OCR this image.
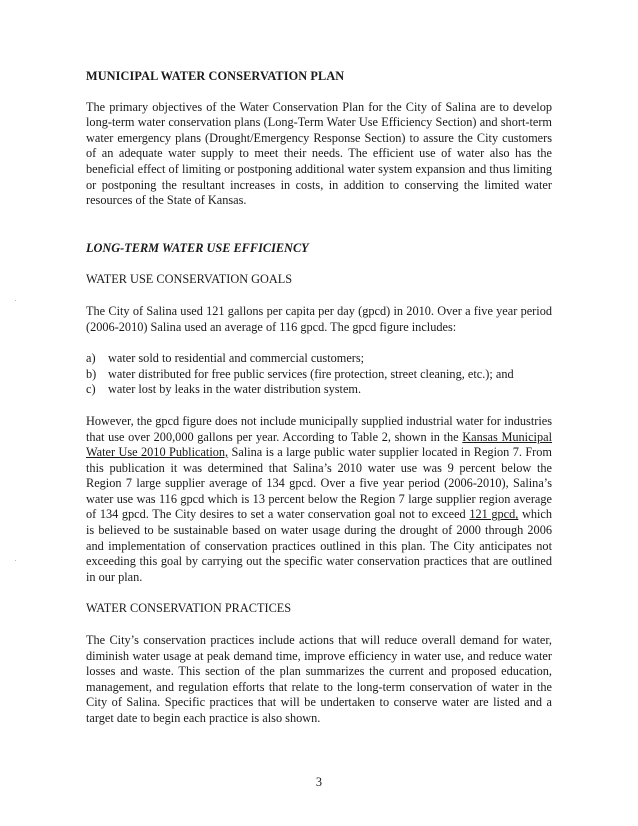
MUNICIPAL WATER CONSERVATION PLAN

The primary objectives of the Water Conservation Plan for the City of Salina are to develop long-term water conservation plans (Long-Term Water Use Efficiency Section) and short-term water emergency plans (Drought/Emergency Response Section) to assure the City customers of an adequate water supply to meet their needs. The efficient use of water also has the beneficial effect of limiting or postponing additional water system expansion and thus limiting or postponing the resultant increases in costs, in addition to conserving the limited water resources of the State of Kansas.

LONG-TERM WATER USE EFFICIENCY
WATER USE CONSERVATION GOALS

The City of Salina used 121 gallons per capita per day (gpcd) in 2010. Over a five year period (2006-2010) Salina used an average of 116 gpcd. The gpcd figure includes:

a)	water sold to residential and commercial customers;
b) water distributed for free public services (fire protection, street cleaning, etc.); and
c)	water lost by leaks in the water distribution system.

However, the gpcd figure does not include municipally supplied industrial water for industries that use over 200,000 gallons per year. According to Table 2, shown in the Kansas Municipal Water Use 2010 Publication, Salina is a large public water supplier located in Region 7. From this publication it was determined that Salina’s 2010 water use was 9 percent below the Region 7 large supplier average of 134 gpcd. Over a five year period (2006-2010), Salina’s water use was 116 gpcd which is 13 percent below the Region 7 large supplier region average of 134 gpcd. The City desires to set a water conservation goal not to exceed 121 gpcd, which is believed to be sustainable based on water usage during the drought of 2000 through 2006 and implementation of conservation practices outlined in this plan. The City anticipates not exceeding this goal by carrying out the specific water conservation practices that are outlined in our plan.

WATER CONSERVATION PRACTICES

The City’s conservation practices include actions that will reduce overall demand for water, diminish water usage at peak demand time, improve efficiency in water use, and reduce water losses and waste. This section of the plan summarizes the current and proposed education, management, and regulation efforts that relate to the long-term conservation of water in the City of Salina. Specific practices that will be undertaken to conserve water are listed and a target date to begin each practice is also shown.

3
